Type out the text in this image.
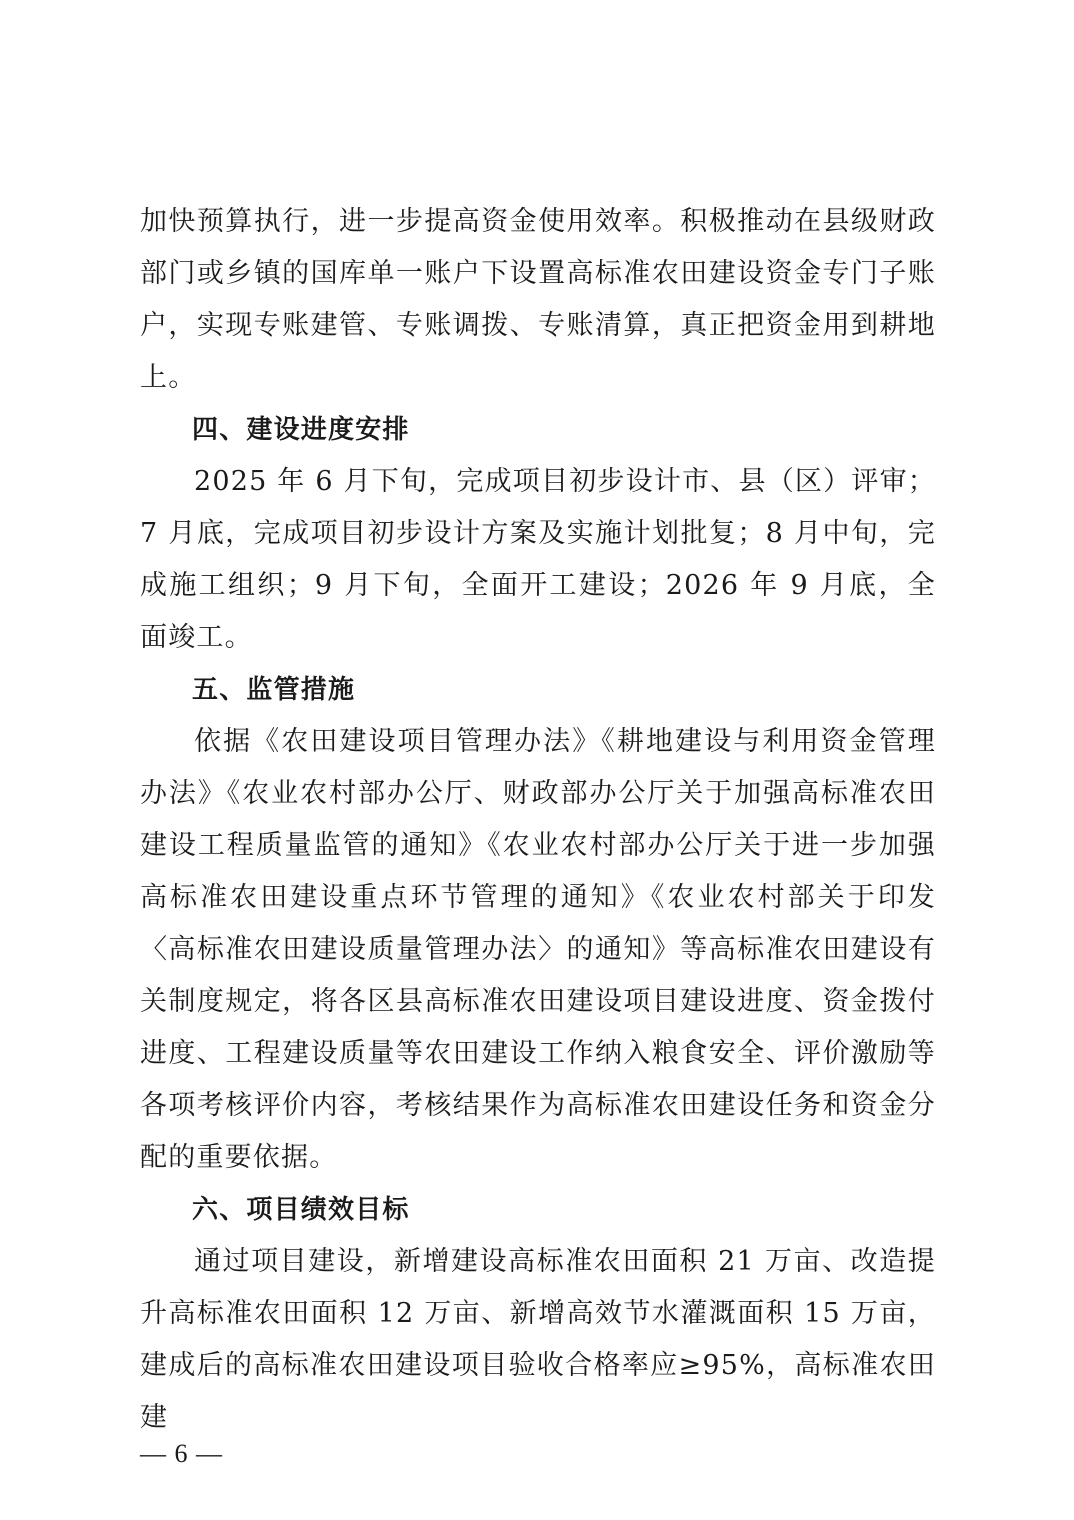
加快预算执行，进一步提高资金使用效率。积极推动在县级财政部门或乡镇的国库单一账户下设置高标准农田建设资金专门子账户，实现专账建管、专账调拨、专账清算，真正把资金用到耕地上。

四、建设进度安排

2025 年 6 月下旬，完成项目初步设计市、县（区）评审；7 月底，完成项目初步设计方案及实施计划批复；8 月中旬，完成施工组织；9 月下旬，全面开工建设；2026 年 9 月底，全面竣工。

五、监管措施

依据《农田建设项目管理办法》《耕地建设与利用资金管理办法》《农业农村部办公厅、财政部办公厅关于加强高标准农田建设工程质量监管的通知》《农业农村部办公厅关于进一步加强高标准农田建设重点环节管理的通知》《农业农村部关于印发〈高标准农田建设质量管理办法〉的通知》等高标准农田建设有关制度规定，将各区县高标准农田建设项目建设进度、资金拨付进度、工程建设质量等农田建设工作纳入粮食安全、评价激励等各项考核评价内容，考核结果作为高标准农田建设任务和资金分配的重要依据。

六、项目绩效目标

通过项目建设，新增建设高标准农田面积 21 万亩、改造提升高标准农田面积 12 万亩、新增高效节水灌溉面积 15 万亩，建成后的高标准农田建设项目验收合格率应≥95%，高标准农田建

— 6 —
